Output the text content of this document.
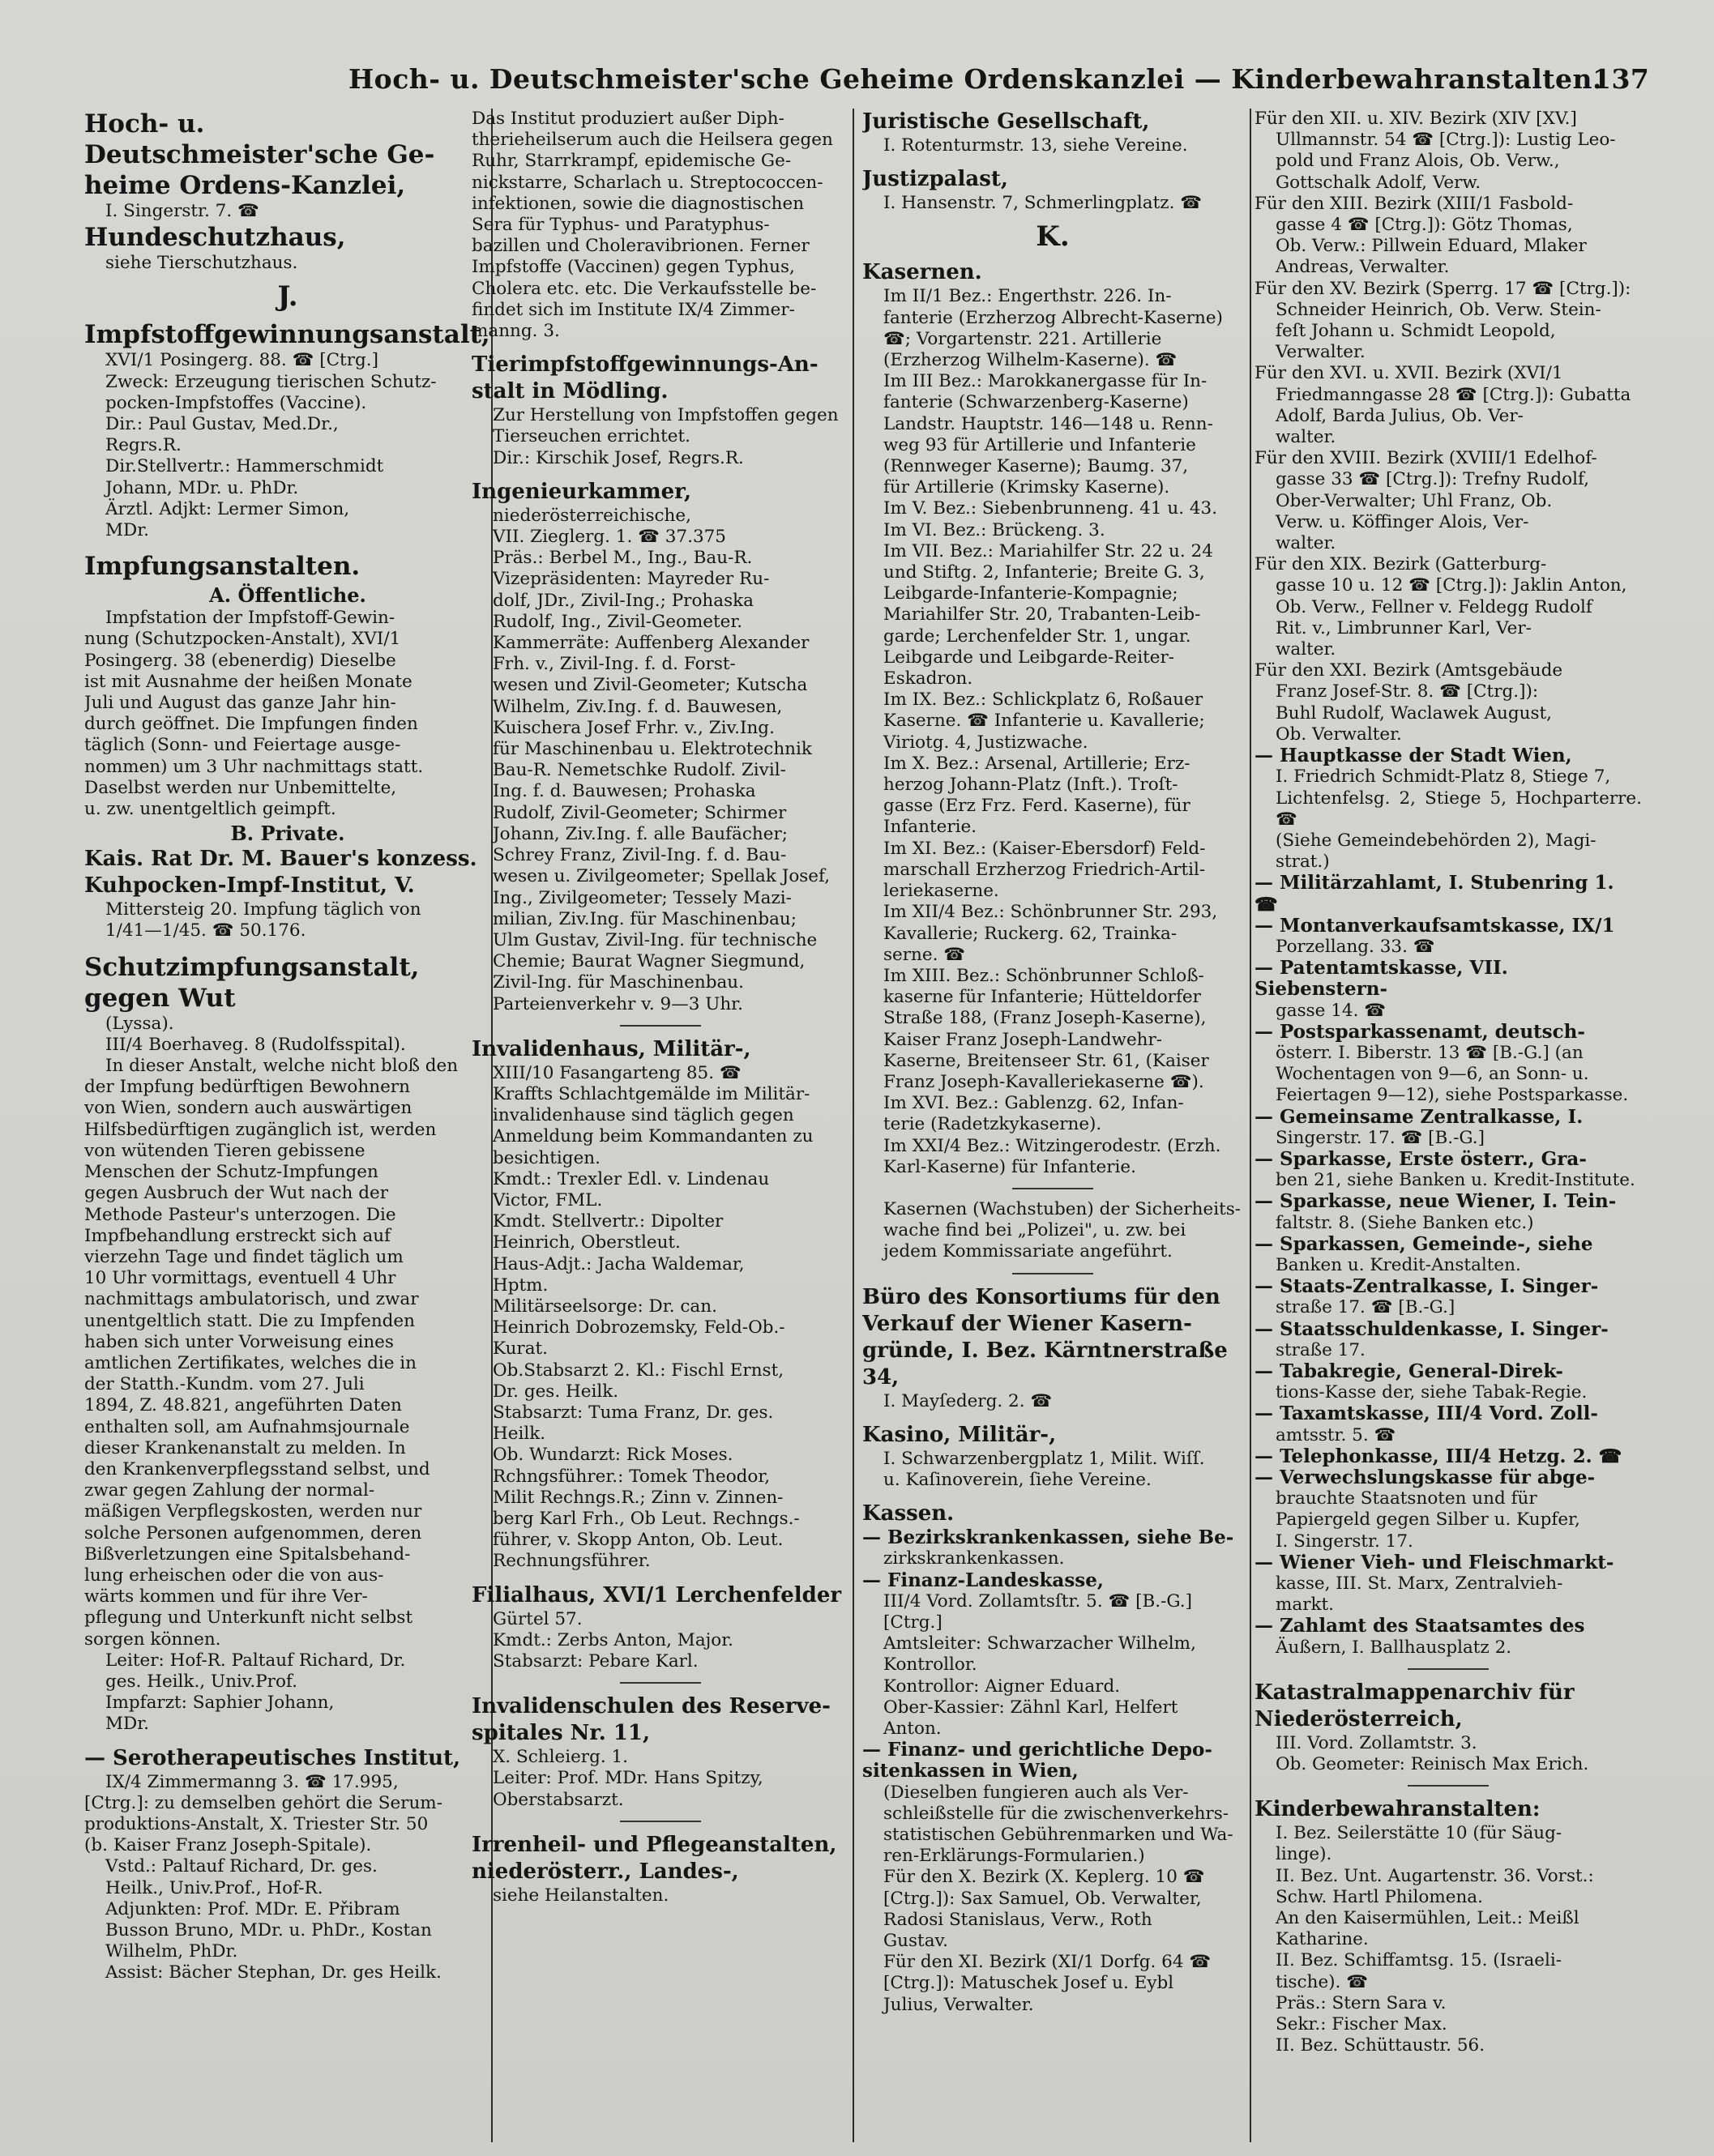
Hoch- u. Deutschmeister'sche Geheime Ordenskanzlei — Kinderbewahranstalten.
137

Hoch- u. Deutschmeister'sche Ge-

heime Ordens-Kanzlei,

I. Singerstr. 7. ☎

Hundeschutzhaus,

siehe Tierschutzhaus.

J.

Impfstoffgewinnungsanstalt,

XVI/1 Posingerg. 88. ☎ [Ctrg.]

Zweck: Erzeugung tierischen Schutz-

pocken-Impfstoffes (Vaccine).

Dir.: Paul Gustav, Med.Dr.,

Regrs.R.

Dir.Stellvertr.: Hammerschmidt

Johann, MDr. u. PhDr.

Ärztl. Adjkt: Lermer Simon,

MDr.

Impfungsanstalten.

A. Öffentliche.

Impfstation der Impfstoff-Gewin-

nung (Schutzpocken-Anstalt), XVI/1

Posingerg. 38 (ebenerdig) Dieselbe

ist mit Ausnahme der heißen Monate

Juli und August das ganze Jahr hin-

durch geöffnet. Die Impfungen finden

täglich (Sonn- und Feiertage ausge-

nommen) um 3 Uhr nachmittags statt.

Daselbst werden nur Unbemittelte,

u. zw. unentgeltlich geimpft.

B. Private.

Kais. Rat Dr. M. Bauer's konzess.

Kuhpocken-Impf-Institut, V.

Mittersteig 20. Impfung täglich von

1/41—1/45. ☎ 50.176.

Schutzimpfungsanstalt, gegen Wut

(Lyssa).

III/4 Boerhaveg. 8 (Rudolfsspital).

In dieser Anstalt, welche nicht bloß den

der Impfung bedürftigen Bewohnern

von Wien, sondern auch auswärtigen

Hilfsbedürftigen zugänglich ist, werden

von wütenden Tieren gebissene

Menschen der Schutz-Impfungen

gegen Ausbruch der Wut nach der

Methode Pasteur's unterzogen. Die

Impfbehandlung erstreckt sich auf

vierzehn Tage und findet täglich um

10 Uhr vormittags, eventuell 4 Uhr

nachmittags ambulatorisch, und zwar

unentgeltlich statt. Die zu Impfenden

haben sich unter Vorweisung eines

amtlichen Zertifikates, welches die in

der Statth.-Kundm. vom 27. Juli

1894, Z. 48.821, angeführten Daten

enthalten soll, am Aufnahmsjournale

dieser Krankenanstalt zu melden. In

den Krankenverpflegsstand selbst, und

zwar gegen Zahlung der normal-

mäßigen Verpflegskosten, werden nur

solche Personen aufgenommen, deren

Bißverletzungen eine Spitalsbehand-

lung erheischen oder die von aus-

wärts kommen und für ihre Ver-

pflegung und Unterkunft nicht selbst

sorgen können.

Leiter: Hof-R. Paltauf Richard, Dr.

ges. Heilk., Univ.Prof.

Impfarzt: Saphier Johann,

MDr.

— Serotherapeutisches Institut,

IX/4 Zimmermanng 3. ☎ 17.995,

[Ctrg.]: zu demselben gehört die Serum-

produktions-Anstalt, X. Triester Str. 50

(b. Kaiser Franz Joseph-Spitale).

Vstd.: Paltauf Richard, Dr. ges.

Heilk., Univ.Prof., Hof-R.

Adjunkten: Prof. MDr. E. Přibram

Busson Bruno, MDr. u. PhDr., Kostan

Wilhelm, PhDr.

Assist: Bächer Stephan, Dr. ges Heilk.

Das Institut produziert außer Diph-

therieheilserum auch die Heilsera gegen

Ruhr, Starrkrampf, epidemische Ge-

nickstarre, Scharlach u. Streptococcen-

infektionen, sowie die diagnostischen

Sera für Typhus- und Paratyphus-

bazillen und Choleravibrionen. Ferner

Impfstoffe (Vaccinen) gegen Typhus,

Cholera etc. etc. Die Verkaufsstelle be-

findet sich im Institute IX/4 Zimmer-

manng. 3.

Tierimpfstoffgewinnungs-An-

stalt in Mödling.

Zur Herstellung von Impfstoffen gegen

Tierseuchen errichtet.

Dir.: Kirschik Josef, Regrs.R.

Ingenieurkammer,

niederösterreichische,

VII. Zieglerg. 1. ☎ 37.375

Präs.: Berbel M., Ing., Bau-R.

Vizepräsidenten: Mayreder Ru-

dolf, JDr., Zivil-Ing.; Prohaska

Rudolf, Ing., Zivil-Geometer.

Kammerräte: Auffenberg Alexander

Frh. v., Zivil-Ing. f. d. Forst-

wesen und Zivil-Geometer; Kutscha

Wilhelm, Ziv.Ing. f. d. Bauwesen,

Kuischera Josef Frhr. v., Ziv.Ing.

für Maschinenbau u. Elektrotechnik

Bau-R. Nemetschke Rudolf. Zivil-

Ing. f. d. Bauwesen; Prohaska

Rudolf, Zivil-Geometer; Schirmer

Johann, Ziv.Ing. f. alle Baufächer;

Schrey Franz, Zivil-Ing. f. d. Bau-

wesen u. Zivilgeometer; Spellak Josef,

Ing., Zivilgeometer; Tessely Mazi-

milian, Ziv.Ing. für Maschinenbau;

Ulm Gustav, Zivil-Ing. für technische

Chemie; Baurat Wagner Siegmund,

Zivil-Ing. für Maschinenbau.

Parteienverkehr v. 9—3 Uhr.

Invalidenhaus, Militär-,

XIII/10 Fasangarteng 85. ☎

Kraffts Schlachtgemälde im Militär-

invalidenhause sind täglich gegen

Anmeldung beim Kommandanten zu

besichtigen.

Kmdt.: Trexler Edl. v. Lindenau

Victor, FML.

Kmdt. Stellvertr.: Dipolter

Heinrich, Oberstleut.

Haus-Adjt.: Jacha Waldemar,

Hptm.

Militärseelsorge: Dr. can.

Heinrich Dobrozemsky, Feld-Ob.-

Kurat.

Ob.Stabsarzt 2. Kl.: Fischl Ernst,

Dr. ges. Heilk.

Stabsarzt: Tuma Franz, Dr. ges.

Heilk.

Ob. Wundarzt: Rick Moses.

Rchngsführer.: Tomek Theodor,

Milit Rechngs.R.; Zinn v. Zinnen-

berg Karl Frh., Ob Leut. Rechngs.-

führer, v. Skopp Anton, Ob. Leut.

Rechnungsführer.

Filialhaus, XVI/1 Lerchenfelder

Gürtel 57.

Kmdt.: Zerbs Anton, Major.

Stabsarzt: Pebare Karl.

Invalidenschulen des Reserve-

spitales Nr. 11,

X. Schleierg. 1.

Leiter: Prof. MDr. Hans Spitzy,

Oberstabsarzt.

Irrenheil- und Pflegeanstalten,

niederösterr., Landes-,

siehe Heilanstalten.

Juristische Gesellschaft,

I. Rotenturmstr. 13, siehe Vereine.

Justizpalast,

I. Hansenstr. 7, Schmerlingplatz. ☎

K.

Kasernen.

Im II/1 Bez.: Engerthstr. 226. In-

fanterie (Erzherzog Albrecht-Kaserne)

☎; Vorgartenstr. 221. Artillerie

(Erzherzog Wilhelm-Kaserne). ☎

Im III Bez.: Marokkanergasse für In-

fanterie (Schwarzenberg-Kaserne)

Landstr. Hauptstr. 146—148 u. Renn-

weg 93 für Artillerie und Infanterie

(Rennweger Kaserne); Baumg. 37,

für Artillerie (Krimsky Kaserne).

Im V. Bez.: Siebenbrunneng. 41 u. 43.

Im VI. Bez.: Brückeng. 3.

Im VII. Bez.: Mariahilfer Str. 22 u. 24

und Stiftg. 2, Infanterie; Breite G. 3,

Leibgarde-Infanterie-Kompagnie;

Mariahilfer Str. 20, Trabanten-Leib-

garde; Lerchenfelder Str. 1, ungar.

Leibgarde und Leibgarde-Reiter-

Eskadron.

Im IX. Bez.: Schlickplatz 6, Roßauer

Kaserne. ☎ Infanterie u. Kavallerie;

Viriotg. 4, Justizwache.

Im X. Bez.: Arsenal, Artillerie; Erz-

herzog Johann-Platz (Inft.). Troſt-

gasse (Erz Frz. Ferd. Kaserne), für

Infanterie.

Im XI. Bez.: (Kaiser-Ebersdorf) Feld-

marschall Erzherzog Friedrich-Artil-

leriekaserne.

Im XII/4 Bez.: Schönbrunner Str. 293,

Kavallerie; Ruckerg. 62, Trainka-

serne. ☎

Im XIII. Bez.: Schönbrunner Schloß-

kaserne für Infanterie; Hütteldorfer

Straße 188, (Franz Joseph-Kaserne),

Kaiser Franz Joseph-Landwehr-

Kaserne, Breitenseer Str. 61, (Kaiser

Franz Joseph-Kavalleriekaserne ☎).

Im XVI. Bez.: Gablenzg. 62, Infan-

terie (Radetzkykaserne).

Im XXI/4 Bez.: Witzingerodestr. (Erzh.

Karl-Kaserne) für Infanterie.

Kasernen (Wachstuben) der Sicherheits-

wache find bei „Polizei", u. zw. bei

jedem Kommissariate angeführt.

Büro des Konsortiums für den

Verkauf der Wiener Kasern-

gründe, I. Bez. Kärntnerstraße 34,

I. Mayſederg. 2. ☎

Kasino, Militär-,

I. Schwarzenbergplatz 1, Milit. Wiſſ.

u. Kaſinoverein, ſiehe Vereine.

Kassen.

— Bezirkskrankenkassen, siehe Be-

zirkskrankenkassen.

— Finanz-Landeskasse,

III/4 Vord. Zollamtsſtr. 5. ☎ [B.-G.] [Ctrg.]

Amtsleiter: Schwarzacher Wilhelm,

Kontrollor.

Kontrollor: Aigner Eduard.

Ober-Kassier: Zähnl Karl, Helfert

Anton.

— Finanz- und gerichtliche Depo-

sitenkassen in Wien,

(Dieselben fungieren auch als Ver-

schleißstelle für die zwischenverkehrs-

statistischen Gebührenmarken und Wa-

ren-Erklärungs-Formularien.)

Für den X. Bezirk (X. Keplerg. 10 ☎

[Ctrg.]): Sax Samuel, Ob. Verwalter,

Radosi Stanislaus, Verw., Roth

Gustav.

Für den XI. Bezirk (XI/1 Dorfg. 64 ☎

[Ctrg.]): Matuschek Josef u. Eybl

Julius, Verwalter.

Für den XII. u. XIV. Bezirk (XIV [XV.]

Ullmannstr. 54 ☎ [Ctrg.]): Lustig Leo-

pold und Franz Alois, Ob. Verw.,

Gottschalk Adolf, Verw.

Für den XIII. Bezirk (XIII/1 Fasbold-

gasse 4 ☎ [Ctrg.]): Götz Thomas,

Ob. Verw.: Pillwein Eduard, Mlaker

Andreas, Verwalter.

Für den XV. Bezirk (Sperrg. 17 ☎ [Ctrg.]):

Schneider Heinrich, Ob. Verw. Stein-

feſt Johann u. Schmidt Leopold,

Verwalter.

Für den XVI. u. XVII. Bezirk (XVI/1

Friedmanngasse 28 ☎ [Ctrg.]): Gubatta

Adolf, Barda Julius, Ob. Ver-

walter.

Für den XVIII. Bezirk (XVIII/1 Edelhof-

gasse 33 ☎ [Ctrg.]): Trefny Rudolf,

Ober-Verwalter; Uhl Franz, Ob.

Verw. u. Köffinger Alois, Ver-

walter.

Für den XIX. Bezirk (Gatterburg-

gasse 10 u. 12 ☎ [Ctrg.]): Jaklin Anton,

Ob. Verw., Fellner v. Feldegg Rudolf

Rit. v., Limbrunner Karl, Ver-

walter.

Für den XXI. Bezirk (Amtsgebäude

Franz Josef-Str. 8. ☎ [Ctrg.]):

Buhl Rudolf, Waclawek August,

Ob. Verwalter.

— Hauptkasse der Stadt Wien,

I. Friedrich Schmidt-Platz 8, Stiege 7,

Lichtenfelsg. 2, Stiege 5, Hochparterre. ☎

(Siehe Gemeindebehörden 2), Magi-

strat.)

— Militärzahlamt, I. Stubenring 1. ☎

— Montanverkaufsamtskasse, IX/1

Porzellang. 33. ☎

— Patentamtskasse, VII. Siebenstern-

gasse 14. ☎

— Postsparkassenamt, deutsch-

österr. I. Biberstr. 13 ☎ [B.-G.] (an

Wochentagen von 9—6, an Sonn- u.

Feiertagen 9—12), siehe Postsparkasse.

— Gemeinsame Zentralkasse, I.

Singerstr. 17. ☎ [B.-G.]

— Sparkasse, Erste österr., Gra-

ben 21, siehe Banken u. Kredit-Institute.

— Sparkasse, neue Wiener, I. Tein-

faltstr. 8. (Siehe Banken etc.)

— Sparkassen, Gemeinde-, siehe

Banken u. Kredit-Anstalten.

— Staats-Zentralkasse, I. Singer-

straße 17. ☎ [B.-G.]

— Staatsschuldenkasse, I. Singer-

straße 17.

— Tabakregie, General-Direk-

tions-Kasse der, siehe Tabak-Regie.

— Taxamtskasse, III/4 Vord. Zoll-

amtsstr. 5. ☎

— Telephonkasse, III/4 Hetzg. 2. ☎

— Verwechslungskasse für abge-

brauchte Staatsnoten und für

Papiergeld gegen Silber u. Kupfer,

I. Singerstr. 17.

— Wiener Vieh- und Fleischmarkt-

kasse, III. St. Marx, Zentralvieh-

markt.

— Zahlamt des Staatsamtes des

Äußern, I. Ballhausplatz 2.

Katastralmappenarchiv für

Niederösterreich,

III. Vord. Zollamtstr. 3.

Ob. Geometer: Reinisch Max Erich.

Kinderbewahranstalten:

I. Bez. Seilerstätte 10 (für Säug-

linge).

II. Bez. Unt. Augartenstr. 36. Vorst.:

Schw. Hartl Philomena.

An den Kaisermühlen, Leit.: Meißl

Katharine.

II. Bez. Schiffamtsg. 15. (Israeli-

tische). ☎

Präs.: Stern Sara v.

Sekr.: Fischer Max.

II. Bez. Schüttaustr. 56.
